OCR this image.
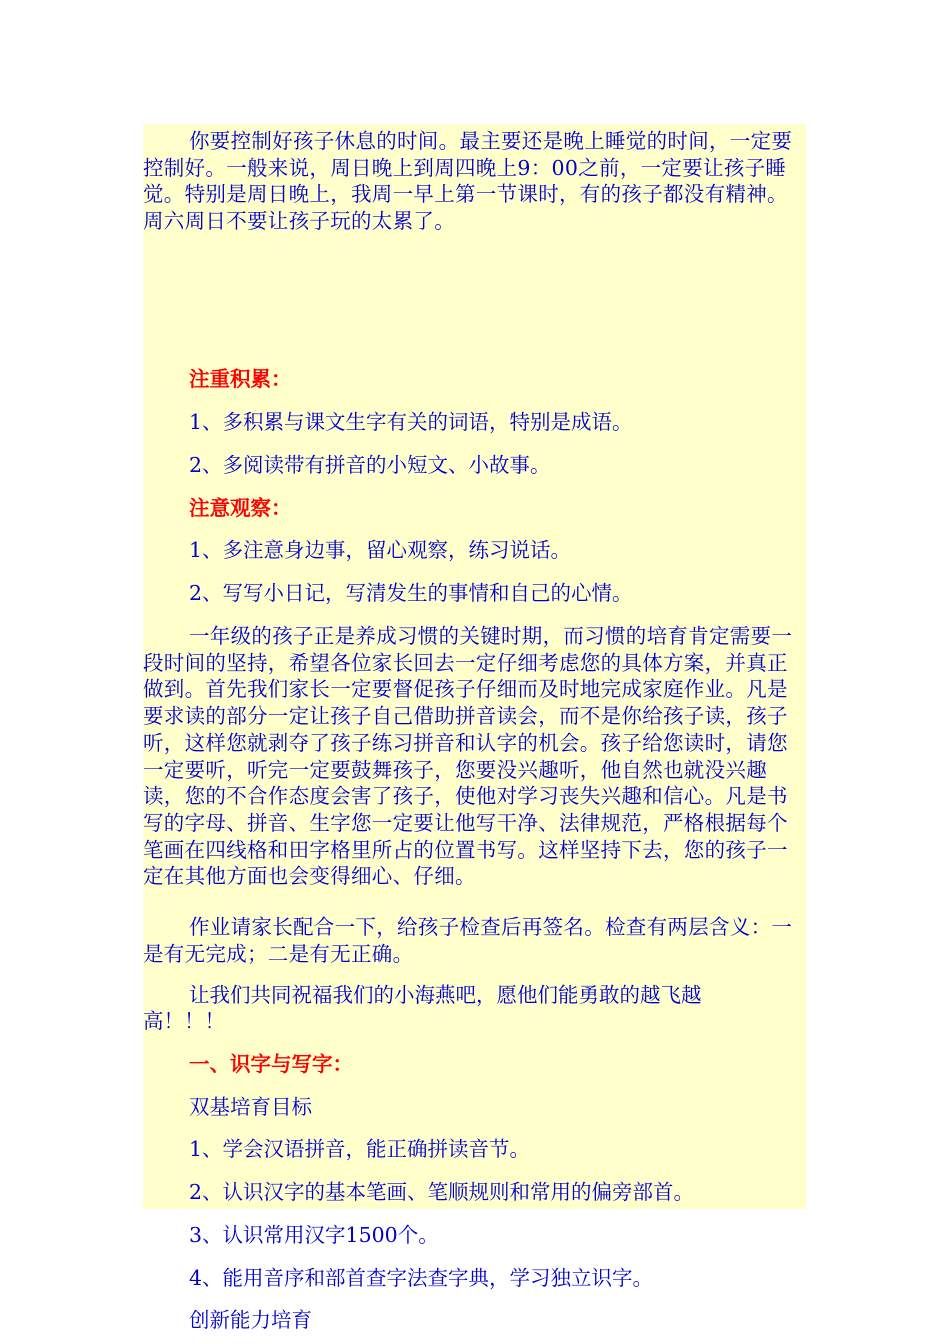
你要控制好孩子休息的时间。最主要还是晚上睡觉的时间，一定要控制好。一般来说，周日晚上到周四晚上9：00之前，一定要让孩子睡觉。特别是周日晚上，我周一早上第一节课时，有的孩子都没有精神。周六周日不要让孩子玩的太累了。

注重积累：

1、多积累与课文生字有关的词语，特别是成语。

2、多阅读带有拼音的小短文、小故事。

注意观察：

1、多注意身边事，留心观察，练习说话。

2、写写小日记，写清发生的事情和自己的心情。

一年级的孩子正是养成习惯的关键时期，而习惯的培育肯定需要一段时间的坚持，希望各位家长回去一定仔细考虑您的具体方案，并真正做到。首先我们家长一定要督促孩子仔细而及时地完成家庭作业。凡是要求读的部分一定让孩子自己借助拼音读会，而不是你给孩子读，孩子听，这样您就剥夺了孩子练习拼音和认字的机会。孩子给您读时，请您一定要听，听完一定要鼓舞孩子，您要没兴趣听，他自然也就没兴趣读，您的不合作态度会害了孩子，使他对学习丧失兴趣和信心。凡是书写的字母、拼音、生字您一定要让他写干净、法律规范，严格根据每个笔画在四线格和田字格里所占的位置书写。这样坚持下去，您的孩子一定在其他方面也会变得细心、仔细。

作业请家长配合一下，给孩子检查后再签名。检查有两层含义：一是有无完成；二是有无正确。

让我们共同祝福我们的小海燕吧，愿他们能勇敢的越飞越

高！！！

一、识字与写字：

双基培育目标

1、学会汉语拼音，能正确拼读音节。

2、认识汉字的基本笔画、笔顺规则和常用的偏旁部首。

3、认识常用汉字1500个。

4、能用音序和部首查字法查字典，学习独立识字。

创新能力培育
